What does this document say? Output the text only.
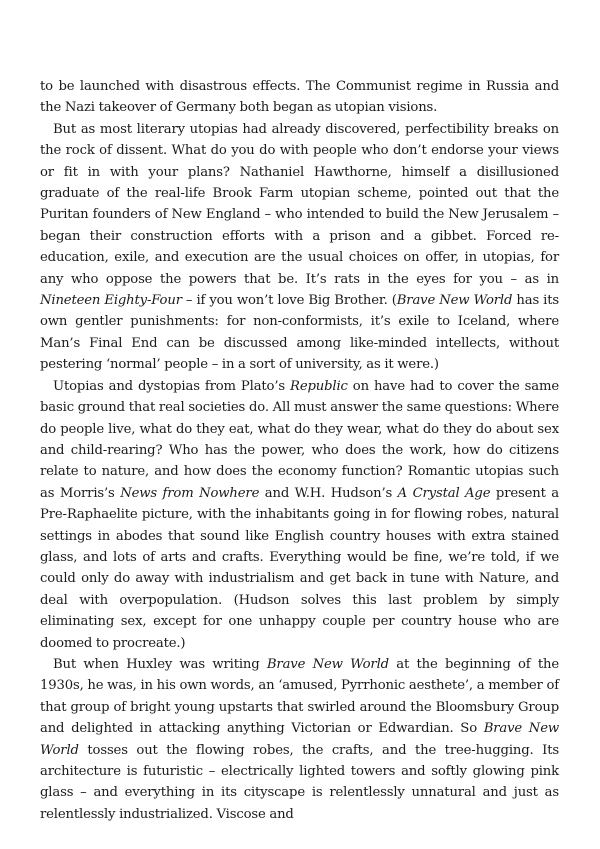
to be launched with disastrous effects. The Communist regime in Russia and the Nazi takeover of Germany both began as utopian visions.

But as most literary utopias had already discovered, perfectibility breaks on the rock of dissent. What do you do with people who don’t endorse your views or fit in with your plans? Nathaniel Hawthorne, himself a disillusioned graduate of the real-life Brook Farm utopian scheme, pointed out that the Puritan founders of New England – who intended to build the New Jerusalem – began their construction efforts with a prison and a gibbet. Forced re-education, exile, and execution are the usual choices on offer, in utopias, for any who oppose the powers that be. It’s rats in the eyes for you – as in Nineteen Eighty-Four – if you won’t love Big Brother. (Brave New World has its own gentler punishments: for non-conformists, it’s exile to Iceland, where Man’s Final End can be discussed among like-minded intellects, without pestering ‘normal’ people – in a sort of university, as it were.)

Utopias and dystopias from Plato’s Republic on have had to cover the same basic ground that real societies do. All must answer the same questions: Where do people live, what do they eat, what do they wear, what do they do about sex and child-rearing? Who has the power, who does the work, how do citizens relate to nature, and how does the economy function? Romantic utopias such as Morris’s News from Nowhere and W.H. Hudson’s A Crystal Age present a Pre-Raphaelite picture, with the inhabitants going in for flowing robes, natural settings in abodes that sound like English country houses with extra stained glass, and lots of arts and crafts. Everything would be fine, we’re told, if we could only do away with industrialism and get back in tune with Nature, and deal with overpopulation. (Hudson solves this last problem by simply eliminating sex, except for one unhappy couple per country house who are doomed to procreate.)

But when Huxley was writing Brave New World at the beginning of the 1930s, he was, in his own words, an ‘amused, Pyrrhonic aesthete’, a member of that group of bright young upstarts that swirled around the Bloomsbury Group and delighted in attacking anything Victorian or Edwardian. So Brave New World tosses out the flowing robes, the crafts, and the tree-hugging. Its architecture is futuristic – electrically lighted towers and softly glowing pink glass – and everything in its cityscape is relentlessly unnatural and just as relentlessly industrialized. Viscose and
